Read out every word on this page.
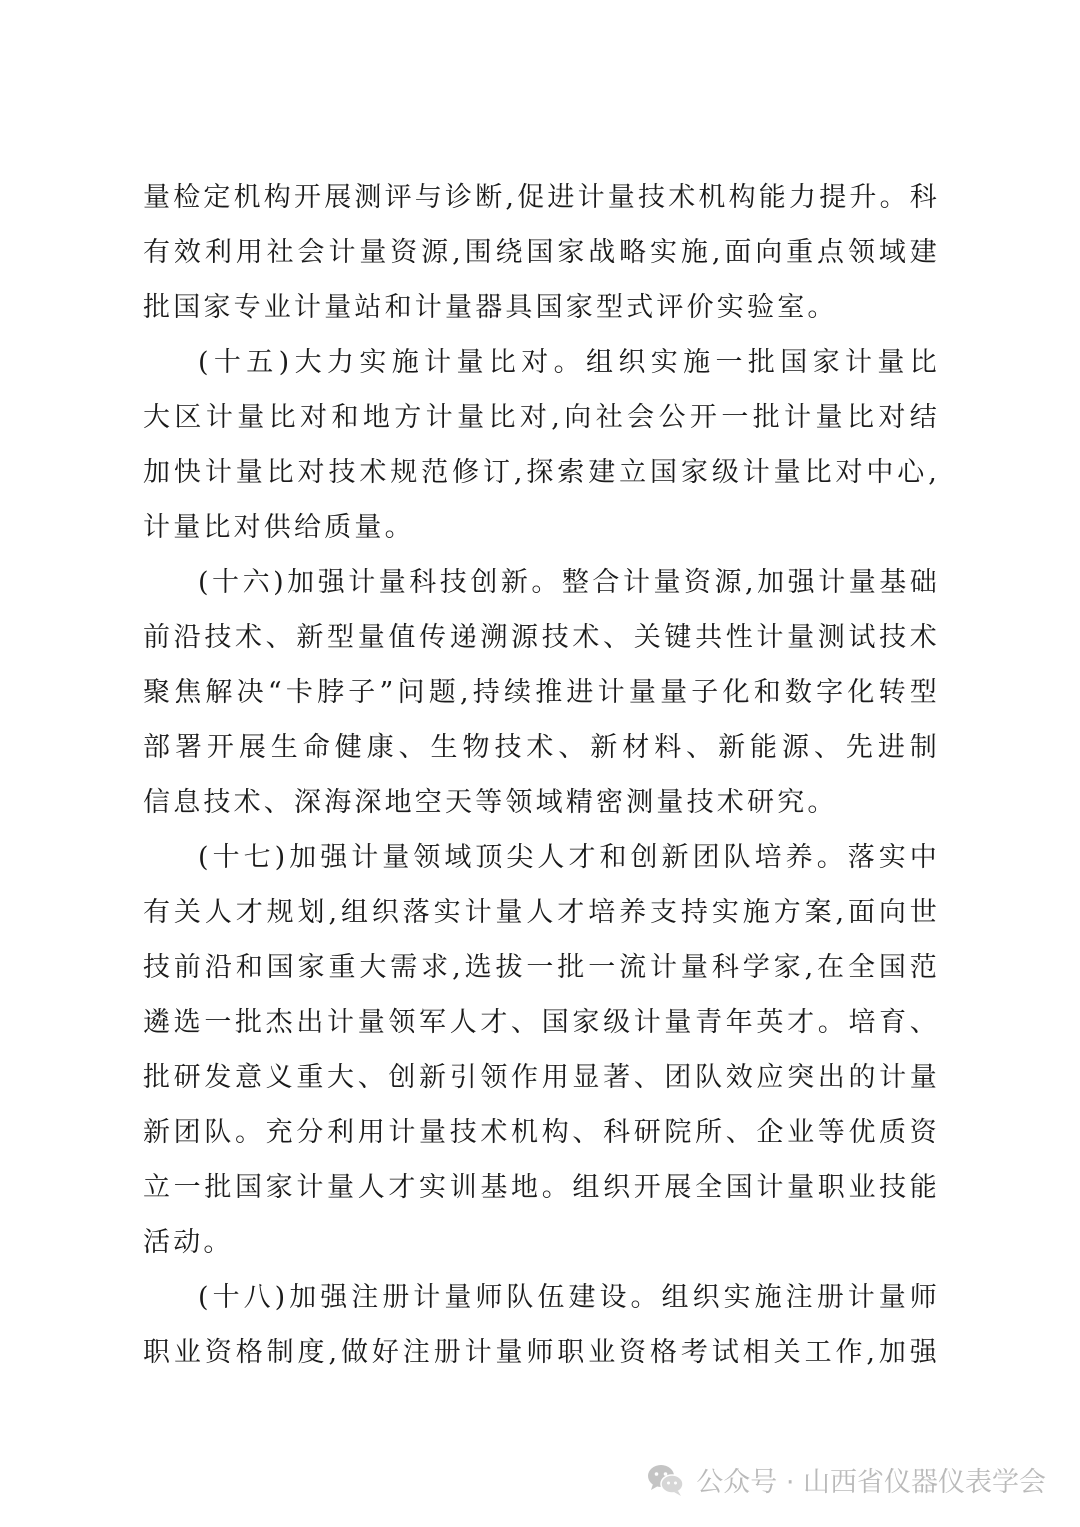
量检定机构开展测评与诊断,促进计量技术机构能力提升。科
有效利用社会计量资源,围绕国家战略实施,面向重点领域建
批国家专业计量站和计量器具国家型式评价实验室。
(十五)大力实施计量比对。组织实施一批国家计量比
大区计量比对和地方计量比对,向社会公开一批计量比对结
加快计量比对技术规范修订,探索建立国家级计量比对中心,
计量比对供给质量。
(十六)加强计量科技创新。整合计量资源,加强计量基础
前沿技术、新型量值传递溯源技术、关键共性计量测试技术
聚焦解决“卡脖子”问题,持续推进计量量子化和数字化转型
部署开展生命健康、生物技术、新材料、新能源、先进制
信息技术、深海深地空天等领域精密测量技术研究。
(十七)加强计量领域顶尖人才和创新团队培养。落实中
有关人才规划,组织落实计量人才培养支持实施方案,面向世
技前沿和国家重大需求,选拔一批一流计量科学家,在全国范
遴选一批杰出计量领军人才、国家级计量青年英才。培育、
批研发意义重大、创新引领作用显著、团队效应突出的计量
新团队。充分利用计量技术机构、科研院所、企业等优质资
立一批国家计量人才实训基地。组织开展全国计量职业技能
活动。
(十八)加强注册计量师队伍建设。组织实施注册计量师
职业资格制度,做好注册计量师职业资格考试相关工作,加强
公众号 · 山西省仪器仪表学会
